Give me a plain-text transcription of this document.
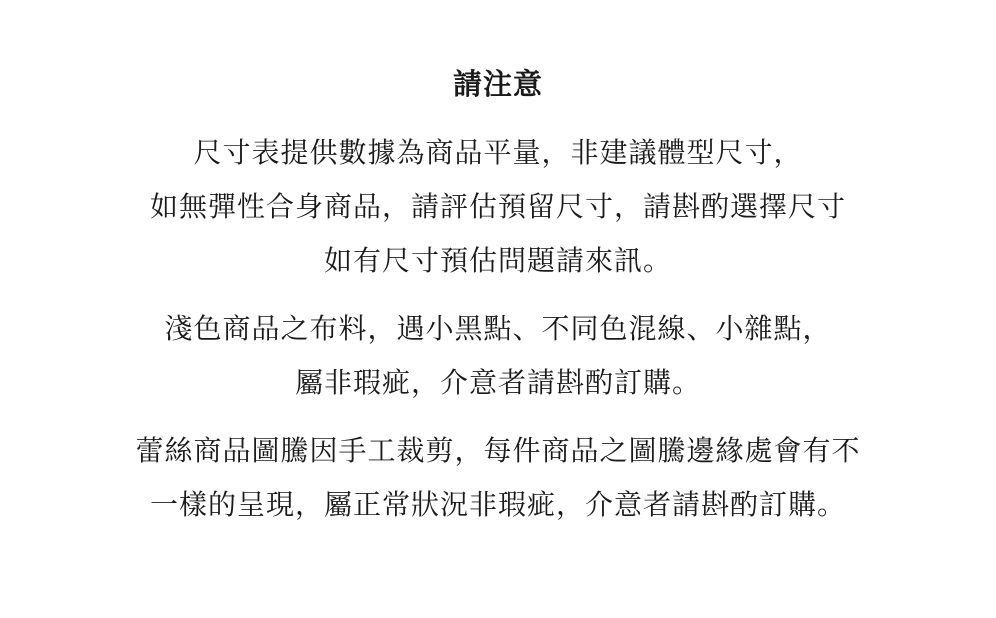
請注意
尺寸表提供數據為商品平量，非建議體型尺寸，
如無彈性合身商品，請評估預留尺寸，請斟酌選擇尺寸
如有尺寸預估問題請來訊。
淺色商品之布料，遇小黑點、不同色混線、小雜點，
屬非瑕疵，介意者請斟酌訂購。
蕾絲商品圖騰因手工裁剪，每件商品之圖騰邊緣處會有不
一樣的呈現，屬正常狀況非瑕疵，介意者請斟酌訂購。
